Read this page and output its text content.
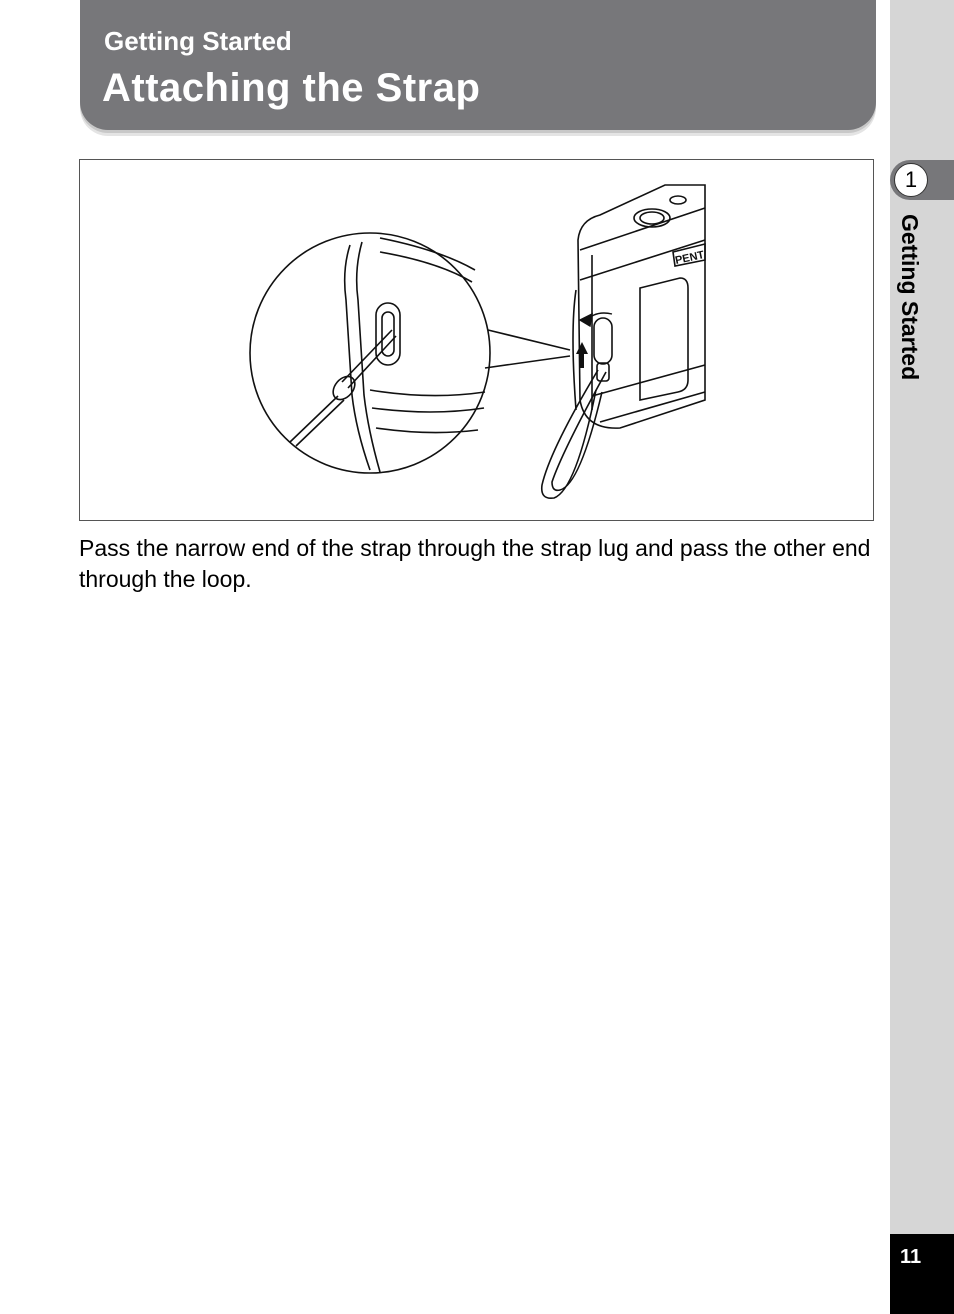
Getting Started
Attaching the Strap
PENT
Pass the narrow end of the strap through the strap lug and pass the other end through the loop.
1
Getting Started
11
